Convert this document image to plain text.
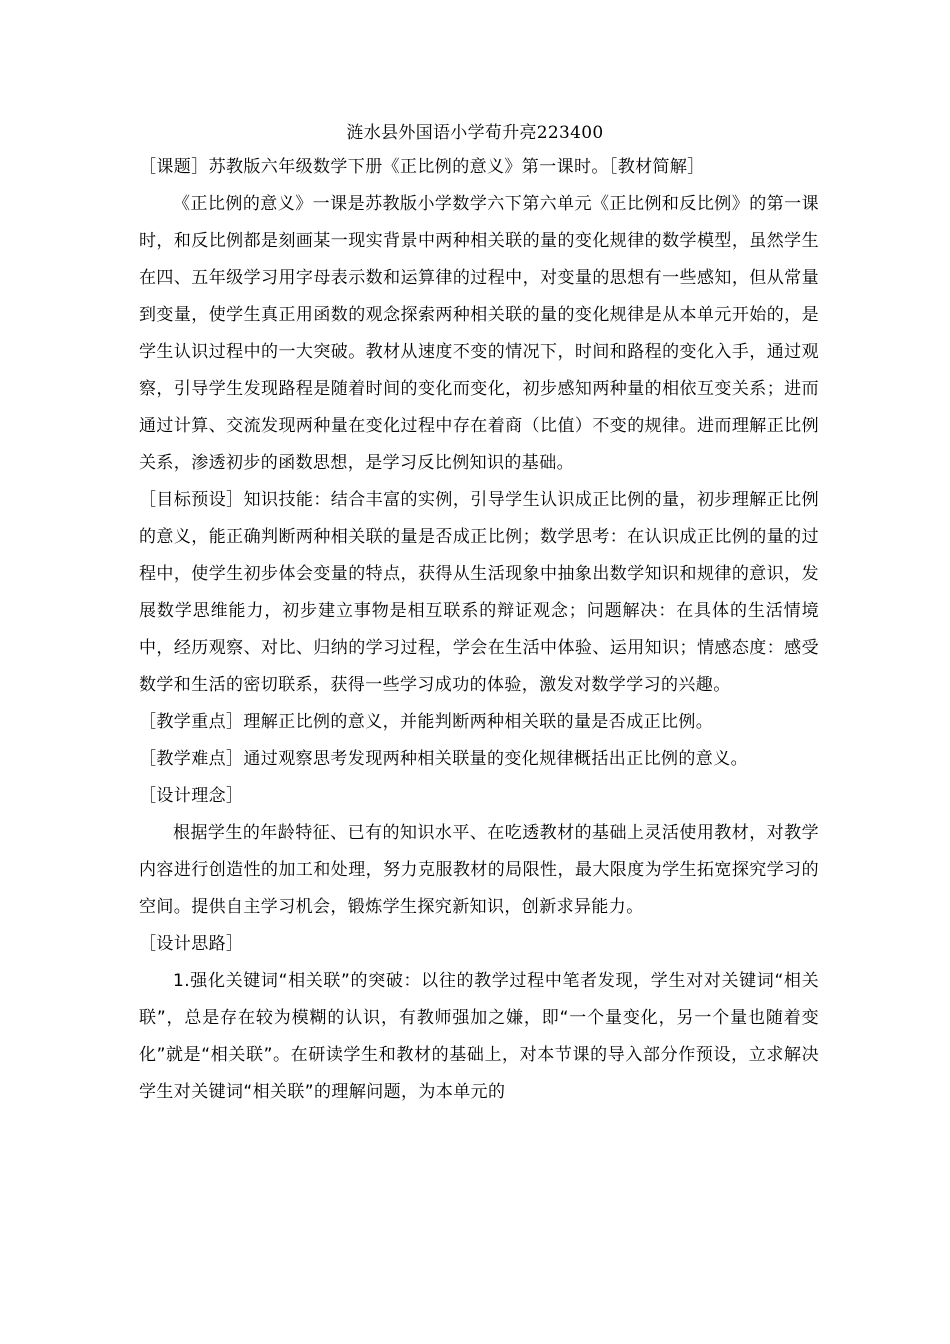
涟水县外国语小学荀升亮223400

［课题］苏教版六年级数学下册《正比例的意义》第一课时。［教材简解］

《正比例的意义》一课是苏教版小学数学六下第六单元《正比例和反比例》的第一课时，和反比例都是刻画某一现实背景中两种相关联的量的变化规律的数学模型，虽然学生在四、五年级学习用字母表示数和运算律的过程中，对变量的思想有一些感知，但从常量到变量，使学生真正用函数的观念探索两种相关联的量的变化规律是从本单元开始的，是学生认识过程中的一大突破。教材从速度不变的情况下，时间和路程的变化入手，通过观察，引导学生发现路程是随着时间的变化而变化，初步感知两种量的相依互变关系；进而通过计算、交流发现两种量在变化过程中存在着商（比值）不变的规律。进而理解正比例关系，渗透初步的函数思想，是学习反比例知识的基础。

［目标预设］知识技能：结合丰富的实例，引导学生认识成正比例的量，初步理解正比例的意义，能正确判断两种相关联的量是否成正比例；数学思考：在认识成正比例的量的过程中，使学生初步体会变量的特点，获得从生活现象中抽象出数学知识和规律的意识，发展数学思维能力，初步建立事物是相互联系的辩证观念；问题解决：在具体的生活情境中，经历观察、对比、归纳的学习过程，学会在生活中体验、运用知识；情感态度：感受数学和生活的密切联系，获得一些学习成功的体验，激发对数学学习的兴趣。

［教学重点］理解正比例的意义，并能判断两种相关联的量是否成正比例。

［教学难点］通过观察思考发现两种相关联量的变化规律概括出正比例的意义。

［设计理念］

根据学生的年龄特征、已有的知识水平、在吃透教材的基础上灵活使用教材，对教学内容进行创造性的加工和处理，努力克服教材的局限性，最大限度为学生拓宽探究学习的空间。提供自主学习机会，锻炼学生探究新知识，创新求异能力。

［设计思路］

1.强化关键词“相关联”的突破：以往的教学过程中笔者发现，学生对对关键词“相关联”，总是存在较为模糊的认识，有教师强加之嫌，即“一个量变化，另一个量也随着变化”就是“相关联”。在研读学生和教材的基础上，对本节课的导入部分作预设，立求解决学生对关键词“相关联”的理解问题，为本单元的
